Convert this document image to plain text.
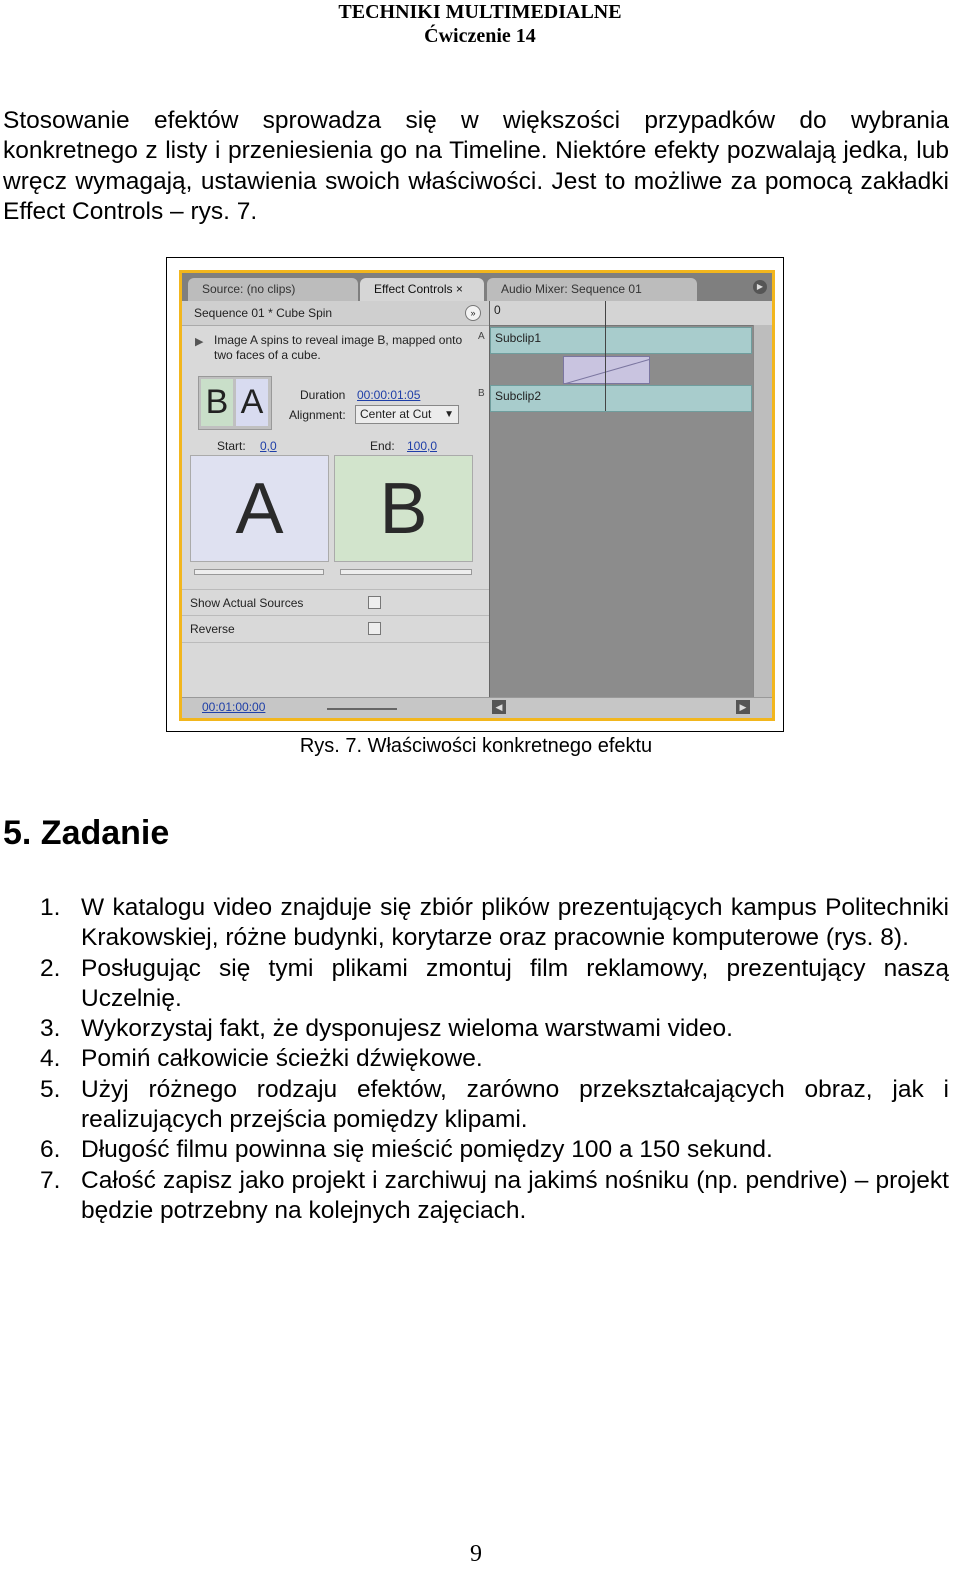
TECHNIKI MULTIMEDIALNE
Ćwiczenie 14

Stosowanie efektów sprowadza się w większości przypadków do wybrania konkretnego z listy i przeniesienia go na Timeline. Niektóre efekty pozwalają jedka, lub wręcz wymagają, ustawienia swoich właściwości. Jest to możliwe za pomocą zakładki Effect Controls – rys. 7.

Source: (no clips)	Effect Controls ×	Audio Mixer: Sequence 01	▶
Sequence 01 * Cube Spin	»
▶ Image A spins to reveal image B, mapped onto two faces of a cube.
B A	Duration 00:00:01:05
Alignment:	Center at Cut ▼
Start: 0,0	End: 100,0
A	B
Show Actual Sources
Reverse
0
A
B
Subclip1
Subclip2
00:01:00:00	◀	▶
Rys. 7. Właściwości konkretnego efektu
5. Zadanie
1. W katalogu video znajduje się zbiór plików prezentujących kampus Politechniki Krakowskiej, różne budynki, korytarze oraz pracownie komputerowe (rys. 8).
2. Posługując się tymi plikami zmontuj film reklamowy, prezentujący naszą Uczelnię.
3. Wykorzystaj fakt, że dysponujesz wieloma warstwami video.
4. Pomiń całkowicie ścieżki dźwiękowe.
5. Użyj różnego rodzaju efektów, zarówno przekształcających obraz, jak i realizujących przejścia pomiędzy klipami.
6. Długość filmu powinna się mieścić pomiędzy 100 a 150 sekund.
7. Całość zapisz jako projekt i zarchiwuj na jakimś nośniku (np. pendrive) – projekt będzie potrzebny na kolejnych zajęciach.
9
